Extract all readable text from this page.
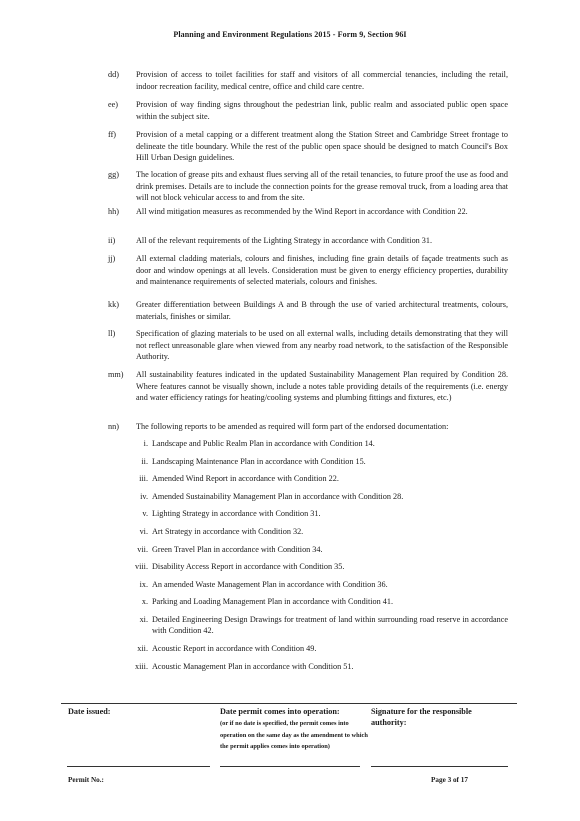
Planning and Environment Regulations 2015 - Form 9, Section 96I
dd)	Provision of access to toilet facilities for staff and visitors of all commercial tenancies, including the retail, indoor recreation facility, medical centre, office and child care centre.
ee)	Provision of way finding signs throughout the pedestrian link, public realm and associated public open space within the subject site.
ff)	Provision of a metal capping or a different treatment along the Station Street and Cambridge Street frontage to delineate the title boundary. While the rest of the public open space should be designed to match Council's Box Hill Urban Design guidelines.
gg)	The location of grease pits and exhaust flues serving all of the retail tenancies, to future proof the use as food and drink premises. Details are to include the connection points for the grease removal truck, from a loading area that will not block vehicular access to and from the site.
hh)	All wind mitigation measures as recommended by the Wind Report in accordance with Condition 22.
ii)	All of the relevant requirements of the Lighting Strategy in accordance with Condition 31.
jj)	All external cladding materials, colours and finishes, including fine grain details of façade treatments such as door and window openings at all levels. Consideration must be given to energy efficiency properties, durability and maintenance requirements of selected materials, colours and finishes.
kk)	Greater differentiation between Buildings A and B through the use of varied architectural treatments, colours, materials, finishes or similar.
ll)	Specification of glazing materials to be used on all external walls, including details demonstrating that they will not reflect unreasonable glare when viewed from any nearby road network, to the satisfaction of the Responsible Authority.
mm)	All sustainability features indicated in the updated Sustainability Management Plan required by Condition 28. Where features cannot be visually shown, include a notes table providing details of the requirements (i.e. energy and water efficiency ratings for heating/cooling systems and plumbing fittings and fixtures, etc.)
nn)	The following reports to be amended as required will form part of the endorsed documentation:
i. Landscape and Public Realm Plan in accordance with Condition 14.
ii. Landscaping Maintenance Plan in accordance with Condition 15.
iii. Amended Wind Report in accordance with Condition 22.
iv. Amended Sustainability Management Plan in accordance with Condition 28.
v. Lighting Strategy in accordance with Condition 31.
vi. Art Strategy in accordance with Condition 32.
vii. Green Travel Plan in accordance with Condition 34.
viii. Disability Access Report in accordance with Condition 35.
ix. An amended Waste Management Plan in accordance with Condition 36.
x. Parking and Loading Management Plan in accordance with Condition 41.
xi. Detailed Engineering Design Drawings for treatment of land within surrounding road reserve in accordance with Condition 42.
xii. Acoustic Report in accordance with Condition 49.
xiii. Acoustic Management Plan in accordance with Condition 51.
Date issued:	Date permit comes into operation:
(or if no date is specified, the permit comes into operation on the same day as the amendment to which the permit applies comes into operation)
Signature for the responsible authority:
Permit No.:	Page 3 of 17
